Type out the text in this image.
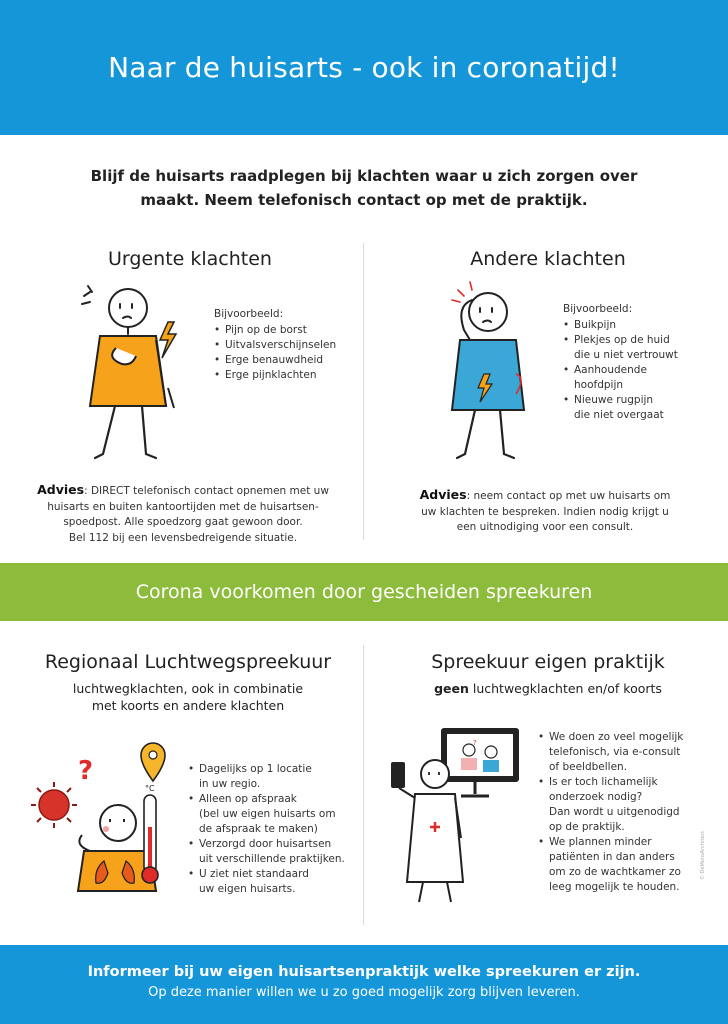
Naar de huisarts - ook in coronatijd!
Blijf de huisarts raadplegen bij klachten waar u zich zorgen over
maakt. Neem telefonisch contact op met de praktijk.
Urgente klachten
Bijvoorbeeld:
• Pijn op de borst
• Uitvalsverschijnselen
• Erge benauwdheid
• Erge pijnklachten
Advies: DIRECT telefonisch contact opnemen met uw
huisarts en buiten kantoortijden met de huisartsen-
spoedpost. Alle spoedzorg gaat gewoon door.
Bel 112 bij een levensbedreigende situatie.
Andere klachten
Bijvoorbeeld:
• Buikpijn
• Plekjes op de huid
die u niet vertrouwt
• Aanhoudende
hoofdpijn
• Nieuwe rugpijn
die niet overgaat
Advies: neem contact op met uw huisarts om
uw klachten te bespreken. Indien nodig krijgt u
een uitnodiging voor een consult.
Corona voorkomen door gescheiden spreekuren
Regionaal Luchtwegspreekuur
luchtwegklachten, ook in combinatie
met koorts en andere klachten
?
°C
• Dagelijks op 1 locatie
in uw regio.
• Alleen op afspraak
(bel uw eigen huisarts om
de afspraak te maken)
• Verzorgd door huisartsen
uit verschillende praktijken.
• U ziet niet standaard
uw eigen huisarts.
Spreekuur eigen praktijk
geen luchtwegklachten en/of koorts
?
•	We doen zo veel mogelijk
telefonisch, via e-consult
of beeldbellen.
• Is er toch lichamelijk
onderzoek nodig?
Dan wordt u uitgenodigd
op de praktijk.
• We plannen minder
patiënten in dan anders
om zo de wachtkamer zo
leeg mogelijk te houden.
© DeMensArchitect
Informeer bij uw eigen huisartsenpraktijk welke spreekuren er zijn.
Op deze manier willen we u zo goed mogelijk zorg blijven leveren.
